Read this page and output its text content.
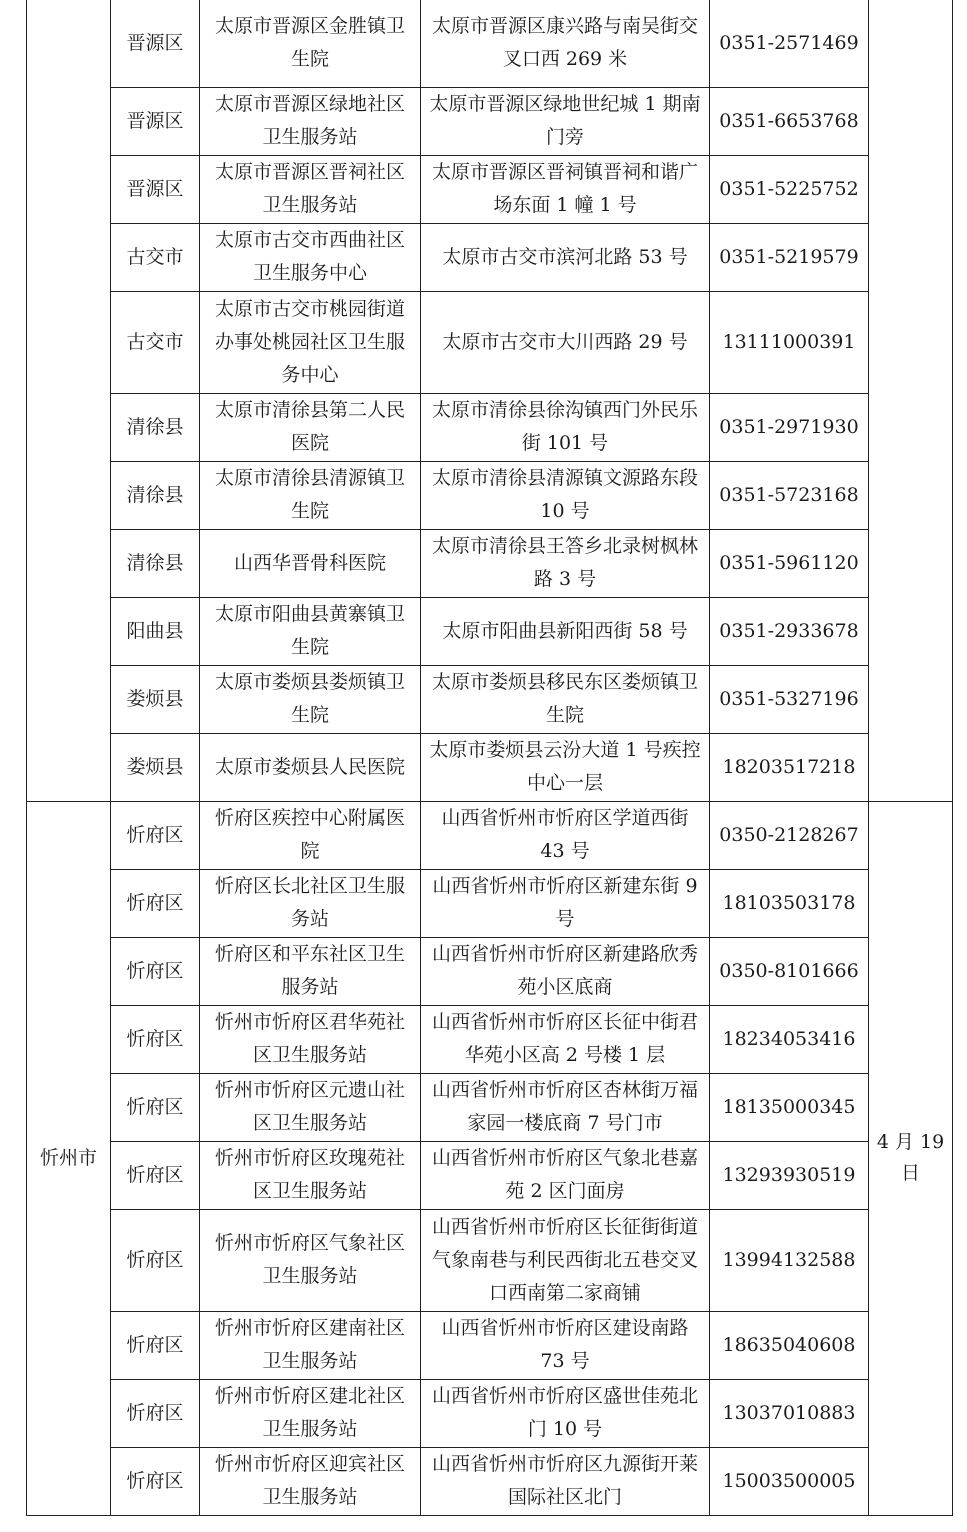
	晋源区	太原市晋源区金胜镇卫生院	太原市晋源区康兴路与南吴街交叉口西 269 米	0351-2571469	
	晋源区	太原市晋源区绿地社区卫生服务站	太原市晋源区绿地世纪城 1 期南门旁	0351-6653768	
	晋源区	太原市晋源区晋祠社区卫生服务站	太原市晋源区晋祠镇晋祠和谐广场东面 1 幢 1 号	0351-5225752	
	古交市	太原市古交市西曲社区卫生服务中心	太原市古交市滨河北路 53 号	0351-5219579	
	古交市	太原市古交市桃园街道办事处桃园社区卫生服务中心	太原市古交市大川西路 29 号	13111000391	
	清徐县	太原市清徐县第二人民医院	太原市清徐县徐沟镇西门外民乐街 101 号	0351-2971930	
	清徐县	太原市清徐县清源镇卫生院	太原市清徐县清源镇文源路东段 10 号	0351-5723168	
	清徐县	山西华晋骨科医院	太原市清徐县王答乡北录树枫林路 3 号	0351-5961120	
	阳曲县	太原市阳曲县黄寨镇卫生院	太原市阳曲县新阳西街 58 号	0351-2933678	
	娄烦县	太原市娄烦县娄烦镇卫生院	太原市娄烦县移民东区娄烦镇卫生院	0351-5327196	
	娄烦县	太原市娄烦县人民医院	太原市娄烦县云汾大道 1 号疾控中心一层	18203517218	
忻州市	忻府区	忻府区疾控中心附属医院	山西省忻州市忻府区学道西街 43 号	0350-2128267	4 月 19 日
	忻府区	忻府区长北社区卫生服务站	山西省忻州市忻府区新建东街 9 号	18103503178	
	忻府区	忻府区和平东社区卫生服务站	山西省忻州市忻府区新建路欣秀苑小区底商	0350-8101666	
	忻府区	忻州市忻府区君华苑社区卫生服务站	山西省忻州市忻府区长征中街君华苑小区高 2 号楼 1 层	18234053416	
	忻府区	忻州市忻府区元遗山社区卫生服务站	山西省忻州市忻府区杏林街万福家园一楼底商 7 号门市	18135000345	
	忻府区	忻州市忻府区玫瑰苑社区卫生服务站	山西省忻州市忻府区气象北巷嘉苑 2 区门面房	13293930519	
	忻府区	忻州市忻府区气象社区卫生服务站	山西省忻州市忻府区长征街街道气象南巷与利民西街北五巷交叉口西南第二家商铺	13994132588	
	忻府区	忻州市忻府区建南社区卫生服务站	山西省忻州市忻府区建设南路 73 号	18635040608	
	忻府区	忻州市忻府区建北社区卫生服务站	山西省忻州市忻府区盛世佳苑北门 10 号	13037010883	
	忻府区	忻州市忻府区迎宾社区卫生服务站	山西省忻州市忻府区九源街开莱国际社区北门	15003500005	
